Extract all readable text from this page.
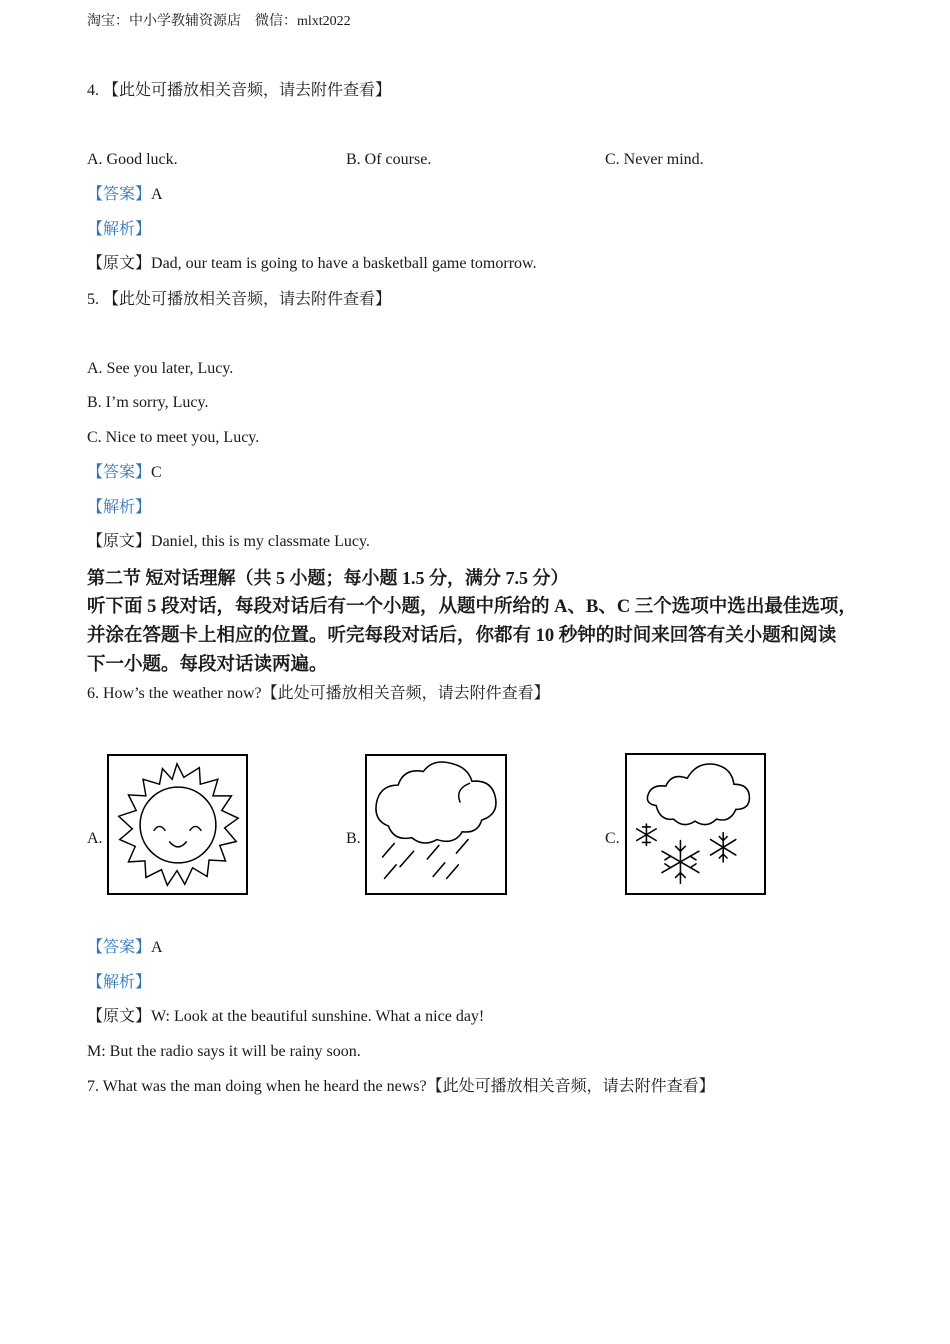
淘宝：中小学教辅资源店　微信：mlxt2022
4. 【此处可播放相关音频，请去附件查看】
A. Good luck.	B. Of course.	C. Never mind.
【答案】A
【解析】
【原文】Dad, our team is going to have a basketball game tomorrow.
5. 【此处可播放相关音频，请去附件查看】
A. See you later, Lucy.
B. I’m sorry, Lucy.
C. Nice to meet you, Lucy.
【答案】C
【解析】
【原文】Daniel, this is my classmate Lucy.
第二节 短对话理解（共 5 小题；每小题 1.5 分，满分 7.5 分）
听下面 5 段对话，每段对话后有一个小题，从题中所给的 A、B、C 三个选项中选出最佳选项，
并涂在答题卡上相应的位置。听完每段对话后，你都有 10 秒钟的时间来回答有关小题和阅读
下一小题。每段对话读两遍。
6. How’s the weather now?【此处可播放相关音频，请去附件查看】
A.	B.	C.
【答案】A
【解析】
【原文】W: Look at the beautiful sunshine. What a nice day!
M: But the radio says it will be rainy soon.
7. What was the man doing when he heard the news?【此处可播放相关音频，请去附件查看】
